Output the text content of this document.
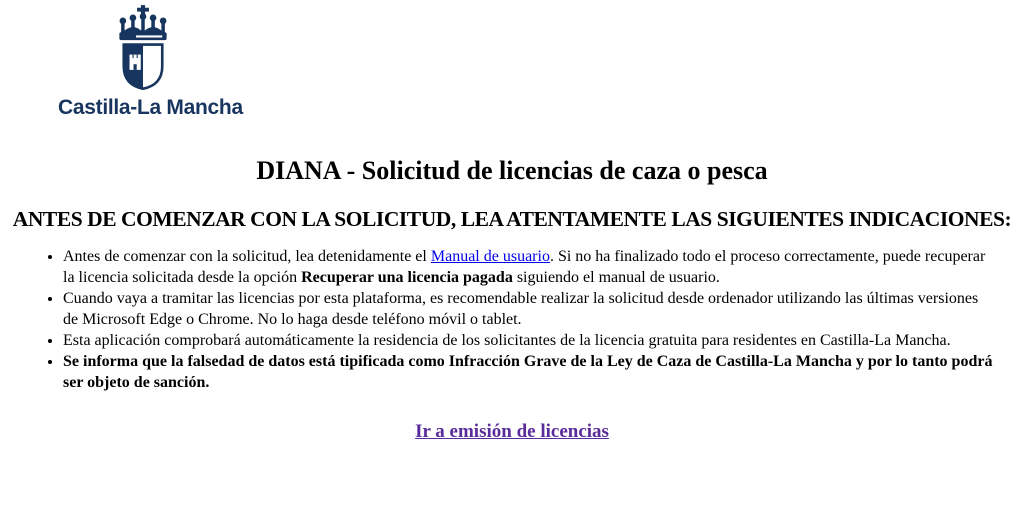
Castilla-La Mancha
DIANA - Solicitud de licencias de caza o pesca
ANTES DE COMENZAR CON LA SOLICITUD, LEA ATENTAMENTE LAS SIGUIENTES INDICACIONES:
• Antes de comenzar con la solicitud, lea detenidamente el Manual de usuario. Si no ha finalizado todo el proceso correctamente, puede recuperar la licencia solicitada desde la opción Recuperar una licencia pagada siguiendo el manual de usuario.
• Cuando vaya a tramitar las licencias por esta plataforma, es recomendable realizar la solicitud desde ordenador utilizando las últimas versiones de Microsoft Edge o Chrome. No lo haga desde teléfono móvil o tablet.
• Esta aplicación comprobará automáticamente la residencia de los solicitantes de la licencia gratuita para residentes en Castilla-La Mancha.
• Se informa que la falsedad de datos está tipificada como Infracción Grave de la Ley de Caza de Castilla-La Mancha y por lo tanto podrá ser objeto de sanción.
Ir a emisión de licencias
